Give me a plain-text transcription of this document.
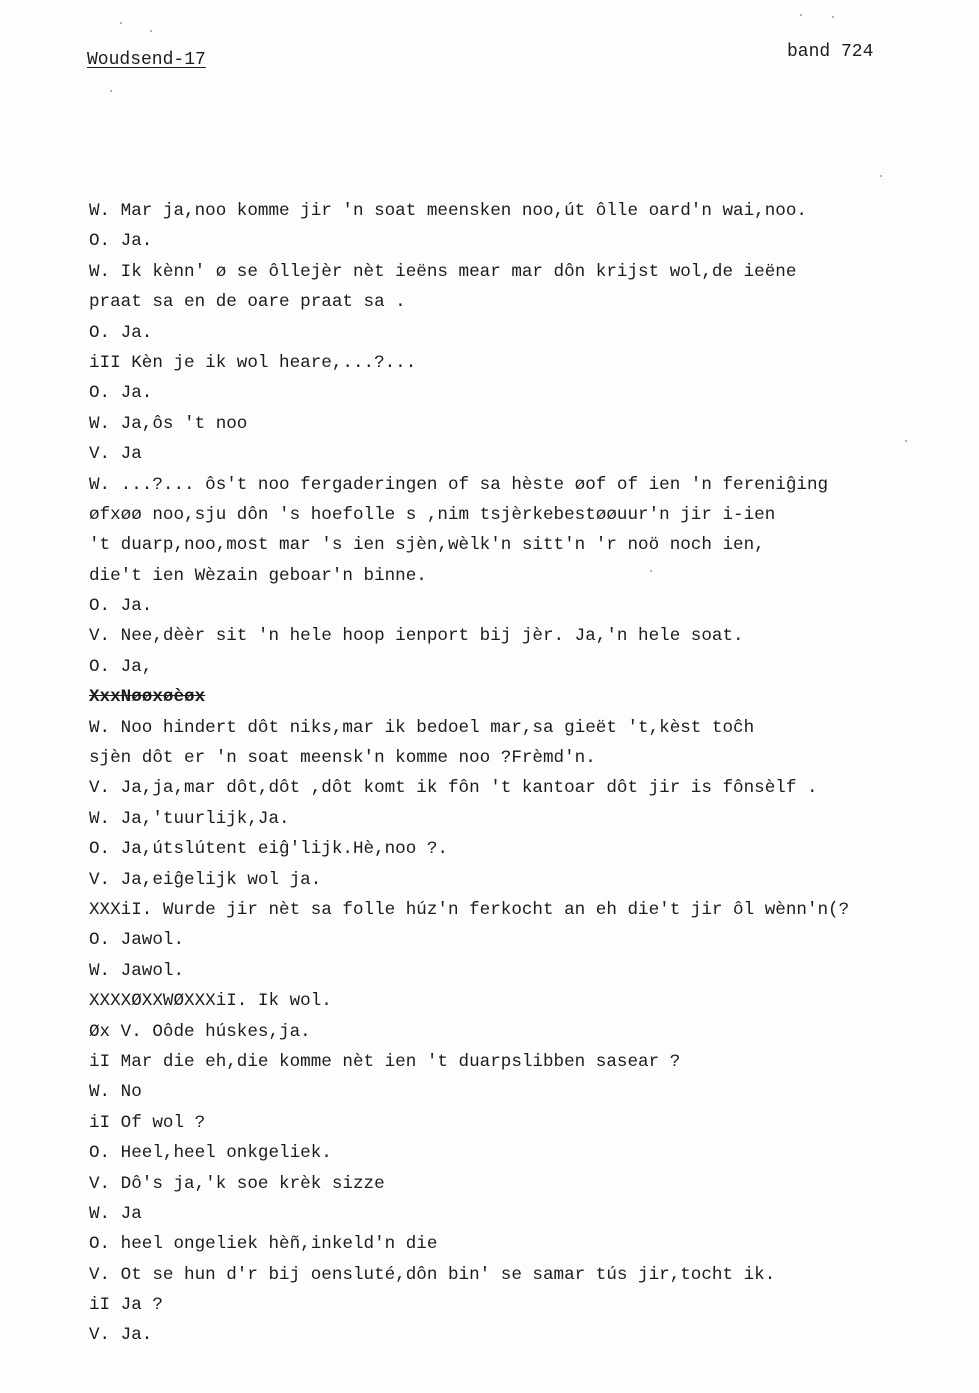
Woudsend-17	band 724
W. Mar ja,noo komme jir 'n soat meensken noo,út ôlle oard'n wai,noo.
O. Ja.
W. Ik kènn' ø se ôllejèr nèt ieëns mear mar dôn krijst wol,de ieëne
praat sa en de oare praat sa .
O. Ja.
iII Kèn je ik wol heare,...?...
O. Ja.
W. Ja,ôs 't noo
V. Ja
W. ...?... ôs't noo fergaderingen of sa hèste øof of ien 'n fereniĝing
øfxøø noo,sju dôn 's hoefolle s ,nim tsjèrkebestøøuur'n jir i-ien
't duarp,noo,most mar 's ien sjèn,wèlk'n sitt'n 'r noö noch ien,
die't ien Wèzain geboar'n binne.
O. Ja.
V. Nee,dèèr sit 'n hele hoop ienport bij jèr. Ja,'n hele soat.
O. Ja,
XxxNøøxøèøx
W. Noo hindert dôt niks,mar ik bedoel mar,sa gieët 't,kèst toĉh
sjèn dôt er 'n soat meensk'n komme noo ?Frèmd'n.
V. Ja,ja,mar dôt,dôt ,dôt komt ik fôn 't kantoar dôt jir is fônsèlf .
W. Ja,'tuurlijk,Ja.
O. Ja,útslútent eiĝ'lijk.Hè,noo ?.
V. Ja,eiĝelijk wol ja.
XXXiI. Wurde jir nèt sa folle húz'n ferkocht an eh die't jir ôl wènn'n(?
O. Jawol.
W. Jawol.
XXXXØXXWØXXXiI. Ik wol.
Øx V. Oôde húskes,ja.
iI Mar die eh,die komme nèt ien 't duarpslibben sasear ?
W. No
iI Of wol ?
O. Heel,heel onkgeliek.
V. Dô's ja,'k soe krèk sizze
W. Ja
O. heel ongeliek hèñ,inkeld'n die
V. Ot se hun d'r bij oensluté,dôn bin' se samar tús jir,tocht ik.
iI Ja ?
V. Ja.
